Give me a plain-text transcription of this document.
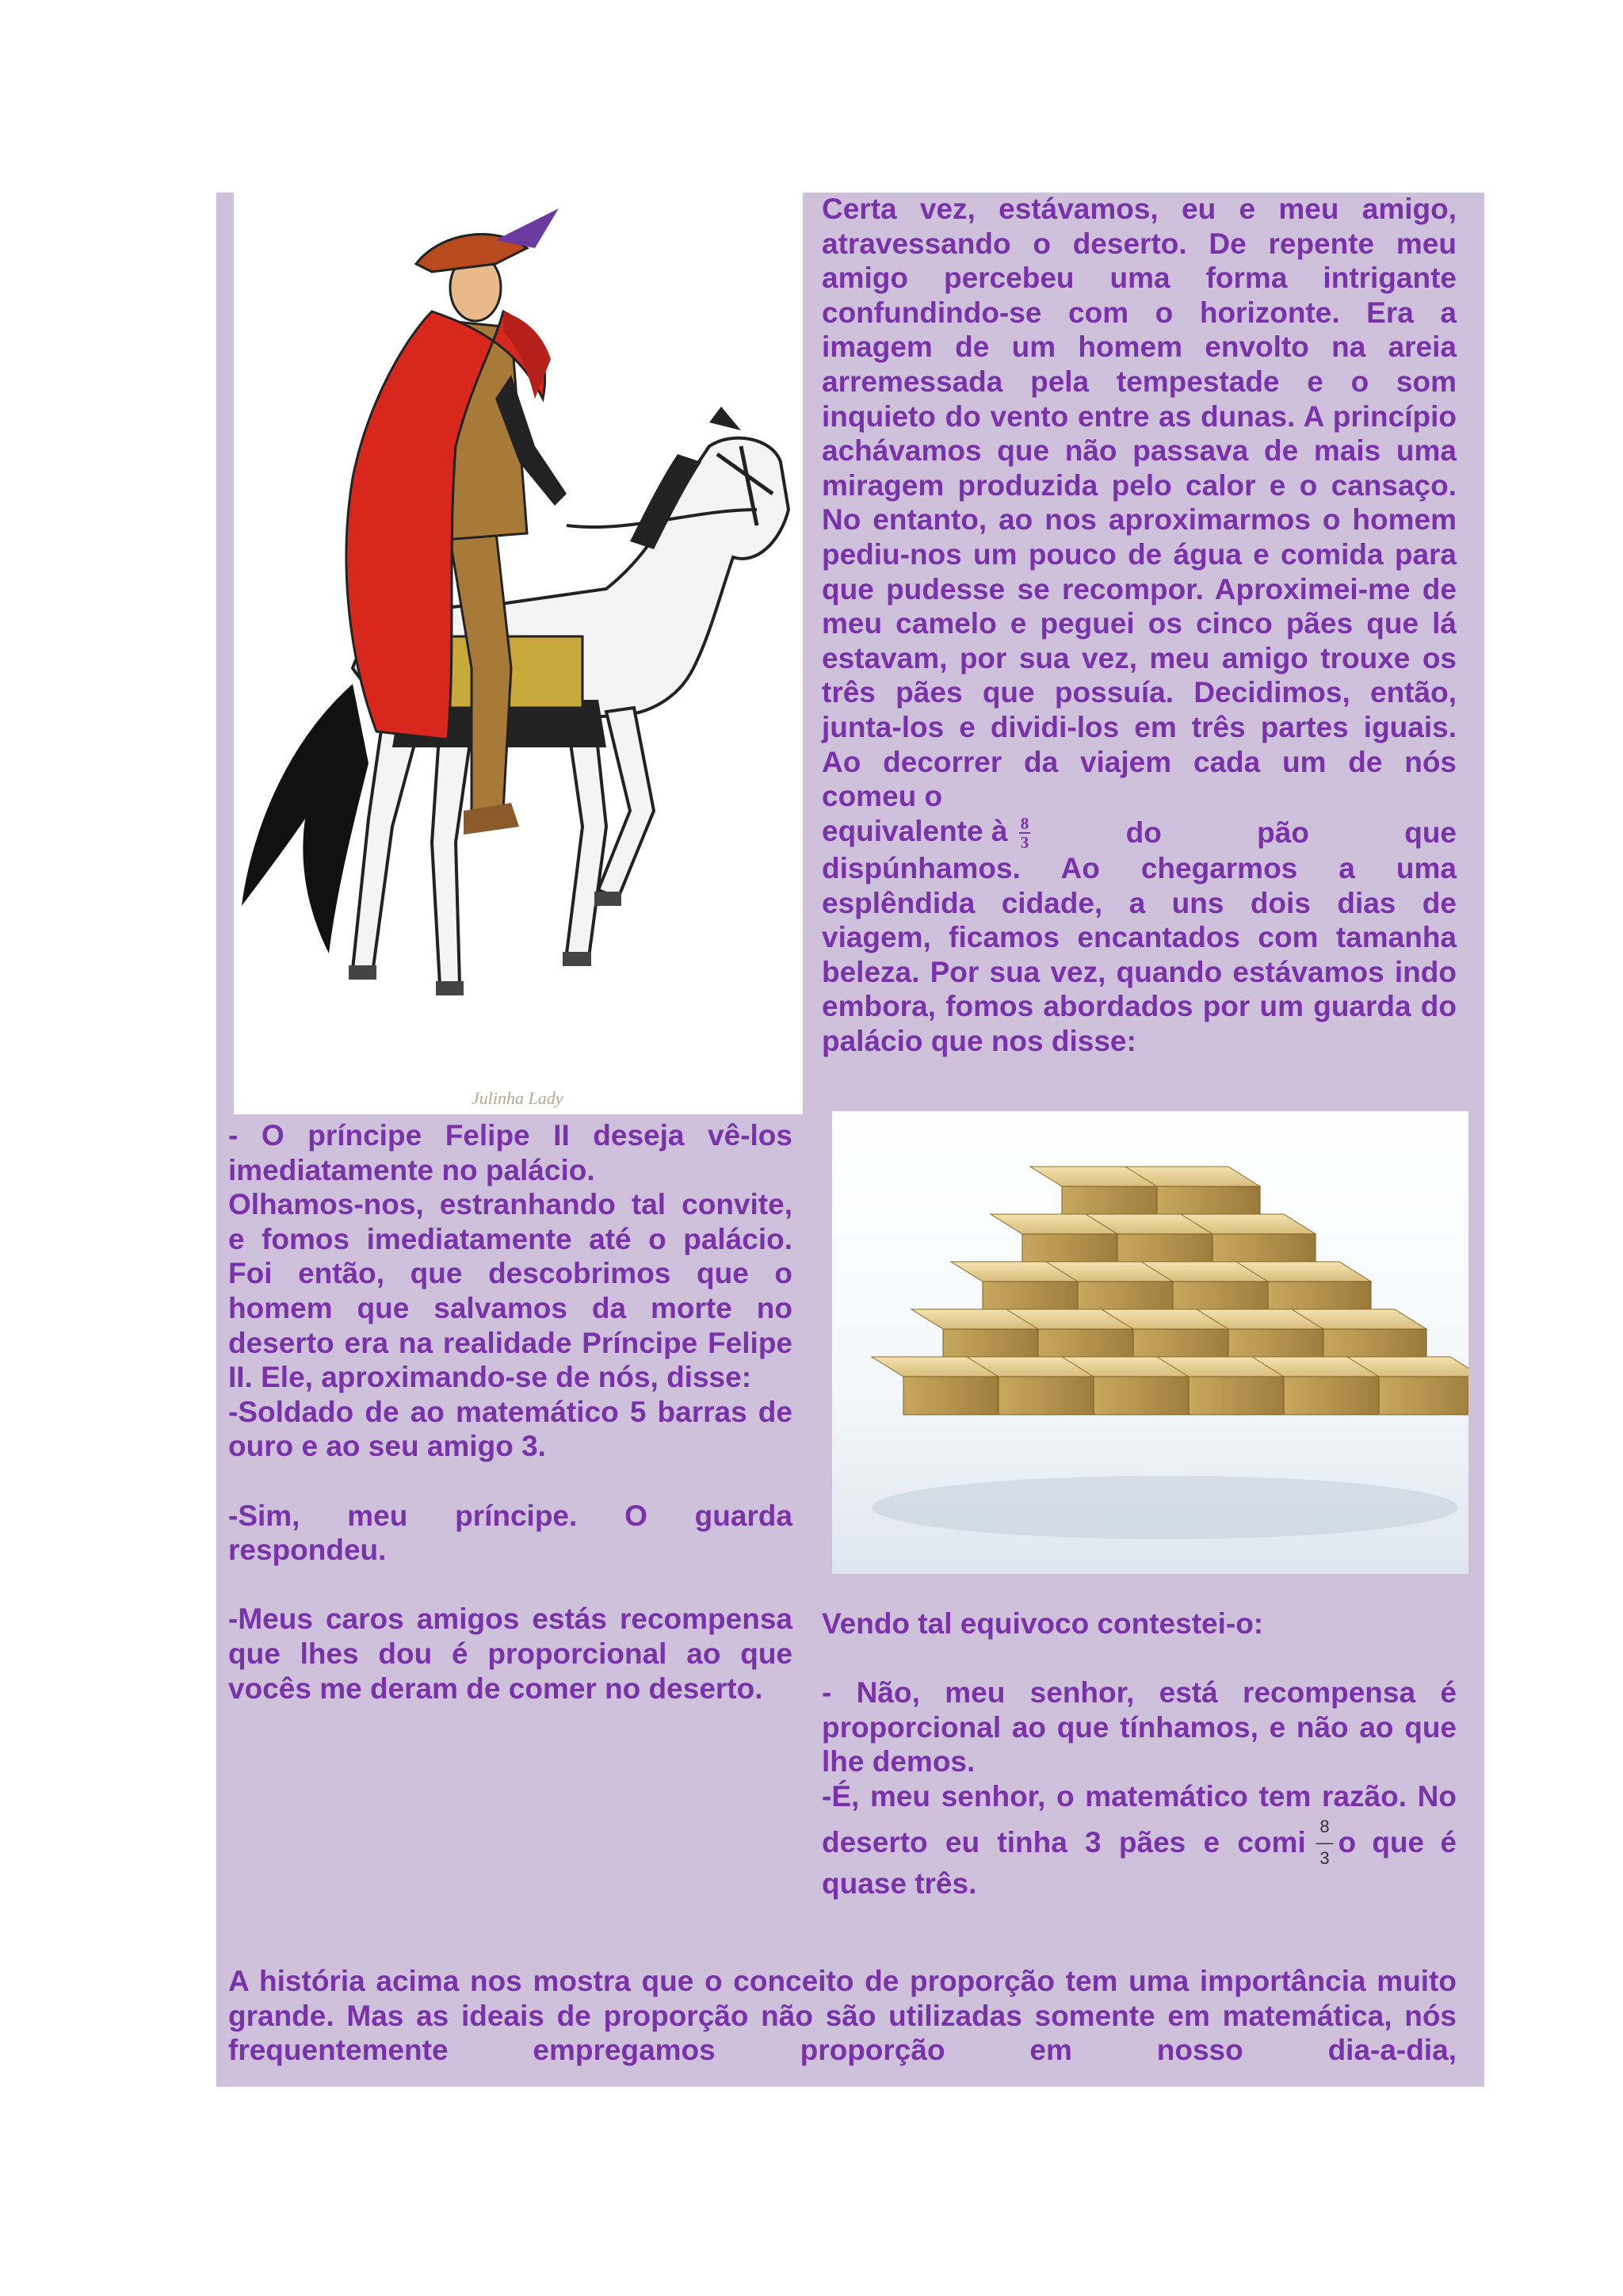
Julinha Lady

Certa vez, estávamos, eu e meu amigo, atravessando o deserto. De repente meu amigo percebeu uma forma intrigante confundindo-se com o horizonte. Era a imagem de um homem envolto na areia arremessada pela tempestade e o som inquieto do vento entre as dunas. A princípio achávamos que não passava de mais uma miragem produzida pelo calor e o cansaço. No entanto, ao nos aproximarmos o homem pediu-nos um pouco de água e comida para que pudesse se recompor. Aproximei-me de meu camelo e peguei os cinco pães que lá estavam, por sua vez, meu amigo trouxe os três pães que possuía. Decidimos, então, junta-los e dividi-los em três partes iguais. Ao decorrer da viajem cada um de nós comeu o

equivalente à $\frac{8}{3}$	do pão que

dispúnhamos. Ao chegarmos a uma esplêndida cidade, a uns dois dias de viagem, ficamos encantados com tamanha beleza. Por sua vez, quando estávamos indo embora, fomos abordados por um guarda do palácio que nos disse:

- O príncipe Felipe II deseja vê-los imediatamente no palácio.

Olhamos-nos, estranhando tal convite, e fomos imediatamente até o palácio. Foi então, que descobrimos que o homem que salvamos da morte no deserto era na realidade Príncipe Felipe II. Ele, aproximando-se de nós, disse:

-Soldado de ao matemático 5 barras de ouro e ao seu amigo 3.

-Sim, meu príncipe. O guarda respondeu.

-Meus caros amigos estás recompensa que lhes dou é proporcional ao que vocês me deram de comer no deserto.

Vendo tal equivoco contestei-o:

- Não, meu senhor, está recompensa é proporcional ao que tínhamos, e não ao que lhe demos.

-É, meu senhor, o matemático tem razão. No

deserto eu tinha 3 pães e comi 8
—
3 o que é

quase três.

A história acima nos mostra que o conceito de proporção tem uma importância muito grande. Mas as ideais de proporção não são utilizadas somente em matemática, nós frequentemente empregamos proporção em nosso dia-a-dia,
